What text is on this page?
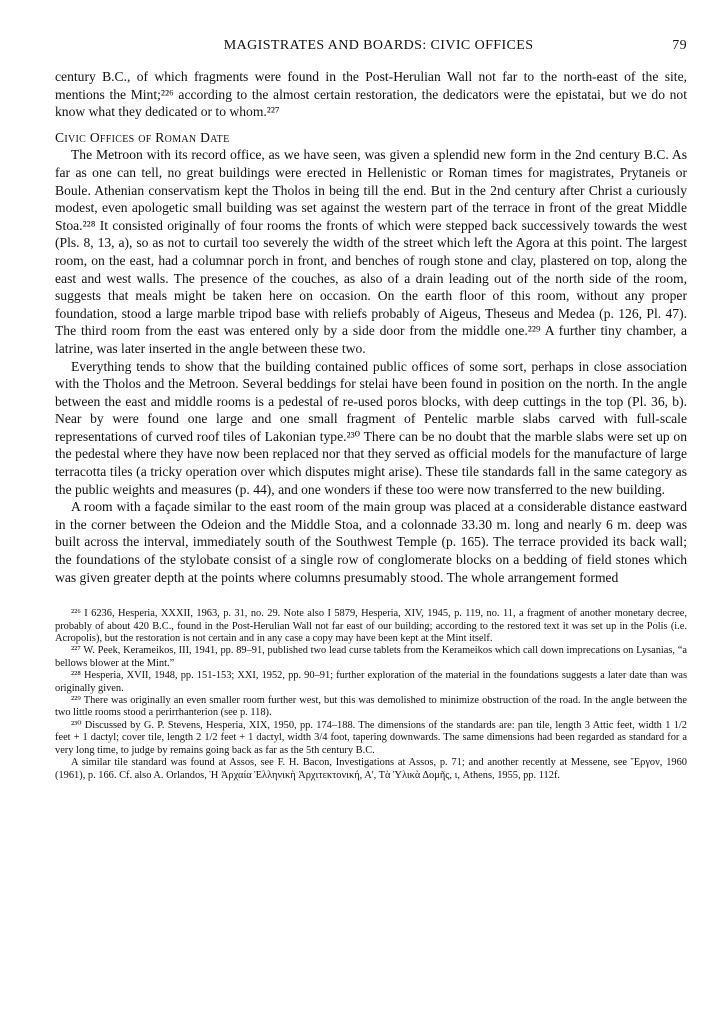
MAGISTRATES AND BOARDS: CIVIC OFFICES	79

century B.C., of which fragments were found in the Post-Herulian Wall not far to the north-east of the site, mentions the Mint;²²⁶ according to the almost certain restoration, the dedicators were the epistatai, but we do not know what they dedicated or to whom.²²⁷

Civic Offices of Roman Date

The Metroon with its record office, as we have seen, was given a splendid new form in the 2nd century B.C. As far as one can tell, no great buildings were erected in Hellenistic or Roman times for magistrates, Prytaneis or Boule. Athenian conservatism kept the Tholos in being till the end. But in the 2nd century after Christ a curiously modest, even apologetic small building was set against the western part of the terrace in front of the great Middle Stoa.²²⁸ It consisted originally of four rooms the fronts of which were stepped back successively towards the west (Pls. 8, 13, a), so as not to curtail too severely the width of the street which left the Agora at this point. The largest room, on the east, had a columnar porch in front, and benches of rough stone and clay, plastered on top, along the east and west walls. The presence of the couches, as also of a drain leading out of the north side of the room, suggests that meals might be taken here on occasion. On the earth floor of this room, without any proper foundation, stood a large marble tripod base with reliefs probably of Aigeus, Theseus and Medea (p. 126, Pl. 47). The third room from the east was entered only by a side door from the middle one.²²⁹ A further tiny chamber, a latrine, was later inserted in the angle between these two.

Everything tends to show that the building contained public offices of some sort, perhaps in close association with the Tholos and the Metroon. Several beddings for stelai have been found in position on the north. In the angle between the east and middle rooms is a pedestal of re-used poros blocks, with deep cuttings in the top (Pl. 36, b). Near by were found one large and one small fragment of Pentelic marble slabs carved with full-scale representations of curved roof tiles of Lakonian type.²³⁰ There can be no doubt that the marble slabs were set up on the pedestal where they have now been replaced nor that they served as official models for the manufacture of large terracotta tiles (a tricky operation over which disputes might arise). These tile standards fall in the same category as the public weights and measures (p. 44), and one wonders if these too were now transferred to the new building.

A room with a façade similar to the east room of the main group was placed at a considerable distance eastward in the corner between the Odeion and the Middle Stoa, and a colonnade 33.30 m. long and nearly 6 m. deep was built across the interval, immediately south of the Southwest Temple (p. 165). The terrace provided its back wall; the foundations of the stylobate consist of a single row of conglomerate blocks on a bedding of field stones which was given greater depth at the points where columns presumably stood. The whole arrangement formed

²²⁶ I 6236, Hesperia, XXXII, 1963, p. 31, no. 29. Note also I 5879, Hesperia, XIV, 1945, p. 119, no. 11, a fragment of another monetary decree, probably of about 420 B.C., found in the Post-Herulian Wall not far east of our building; according to the restored text it was set up in the Polis (i.e. Acropolis), but the restoration is not certain and in any case a copy may have been kept at the Mint itself.

²²⁷ W. Peek, Kerameikos, III, 1941, pp. 89–91, published two lead curse tablets from the Kerameikos which call down imprecations on Lysanias, “a bellows blower at the Mint.”

²²⁸ Hesperia, XVII, 1948, pp. 151-153; XXI, 1952, pp. 90–91; further exploration of the material in the foundations suggests a later date than was originally given.

²²⁹ There was originally an even smaller room further west, but this was demolished to minimize obstruction of the road. In the angle between the two little rooms stood a perirrhanterion (see p. 118).

²³⁰ Discussed by G. P. Stevens, Hesperia, XIX, 1950, pp. 174–188. The dimensions of the standards are: pan tile, length 3 Attic feet, width 1 1/2 feet + 1 dactyl; cover tile, length 2 1/2 feet + 1 dactyl, width 3/4 foot, tapering downwards. The same dimensions had been regarded as standard for a very long time, to judge by remains going back as far as the 5th century B.C.

A similar tile standard was found at Assos, see F. H. Bacon, Investigations at Assos, p. 71; and another recently at Messene, see Ἔργον, 1960 (1961), p. 166. Cf. also A. Orlandos, Ἡ Ἀρχαία Ἑλληνικὴ Ἀρχιτεκτονική, Α', Τὰ Ὑλικὰ Δομῆς, ι, Athens, 1955, pp. 112f.
